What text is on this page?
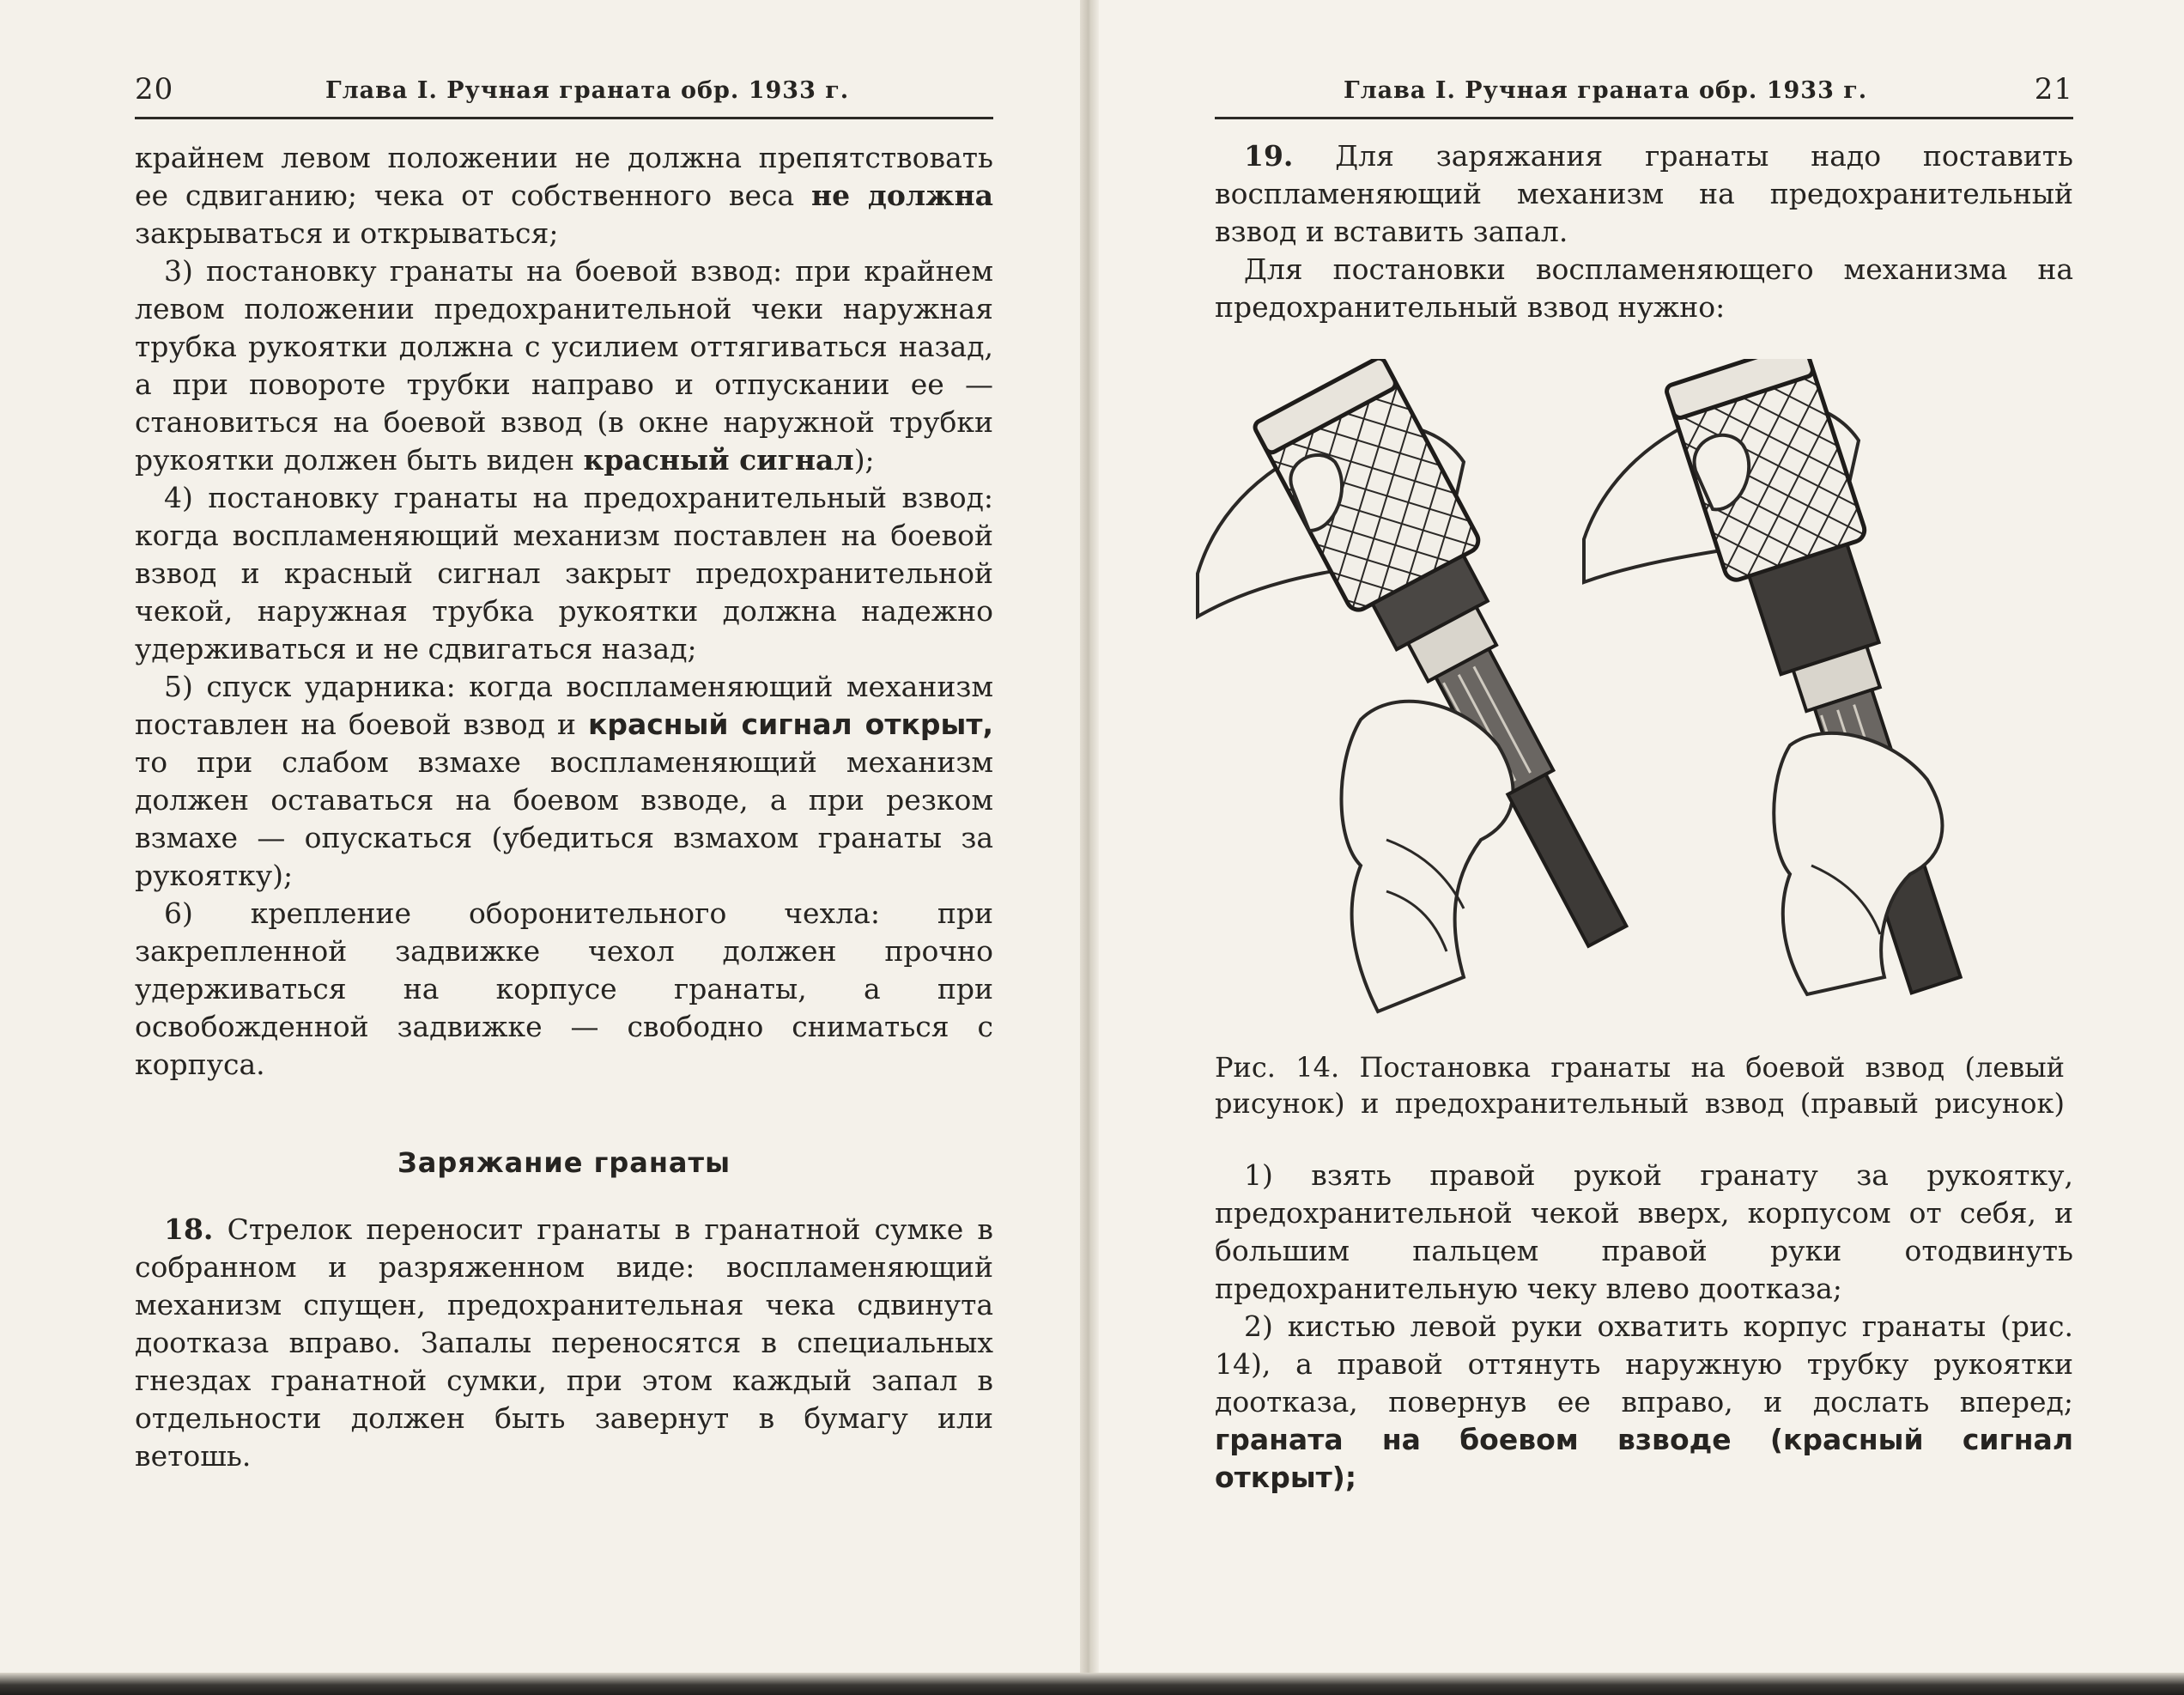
20	Глава I. Ручная граната обр. 1933 г.

крайнем левом положении не должна препятствовать ее сдвиганию; чека от собственного веса не должна закрываться и открываться;

3) постановку гранаты на боевой взвод: при крайнем левом положении предохранительной чеки наружная трубка рукоятки должна с усилием оттягиваться назад, а при повороте трубки направо и отпускании ее — становиться на боевой взвод (в окне наружной трубки рукоятки должен быть виден красный сигнал);

4) постановку гранаты на предохранительный взвод: когда воспламеняющий механизм поставлен на боевой взвод и красный сигнал закрыт предохранительной чекой, наружная трубка рукоятки должна надежно удерживаться и не сдвигаться назад;

5) спуск ударника: когда воспламеняющий механизм поставлен на боевой взвод и красный сигнал открыт, то при слабом взмахе воспламеняющий механизм должен оставаться на боевом взводе, а при резком взмахе — опускаться (убедиться взмахом гранаты за рукоятку);

6) крепление оборонительного чехла: при закрепленной задвижке чехол должен прочно удерживаться на корпусе гранаты, а при освобожденной задвижке — свободно сниматься с корпуса.

Заряжание гранаты

18. Стрелок переносит гранаты в гранатной сумке в собранном и разряженном виде: воспламеняющий механизм спущен, предохранительная чека сдвинута доотказа вправо. Запалы переносятся в специальных гнездах гранатной сумки, при этом каждый запал в отдельности должен быть завернут в бумагу или ветошь.

Глава I. Ручная граната обр. 1933 г.	21

19. Для заряжания гранаты надо поставить воспламеняющий механизм на предохранительный взвод и вставить запал.

Для постановки воспламеняющего механизма на предохранительный взвод нужно:

1) взять правой рукой гранату за рукоятку, предохранительной чекой вверх, корпусом от себя, и большим пальцем правой руки отодвинуть предохранительную чеку влево доотказа;

2) кистью левой руки охватить корпус гранаты (рис. 14), а правой оттянуть наружную трубку рукоятки доотказа, повернув ее вправо, и дослать вперед; граната на боевом взводе (красный сигнал открыт);

Рис. 14. Постановка гранаты на боевой взвод (левый рисунок) и предохранительный взвод (правый рисунок)
